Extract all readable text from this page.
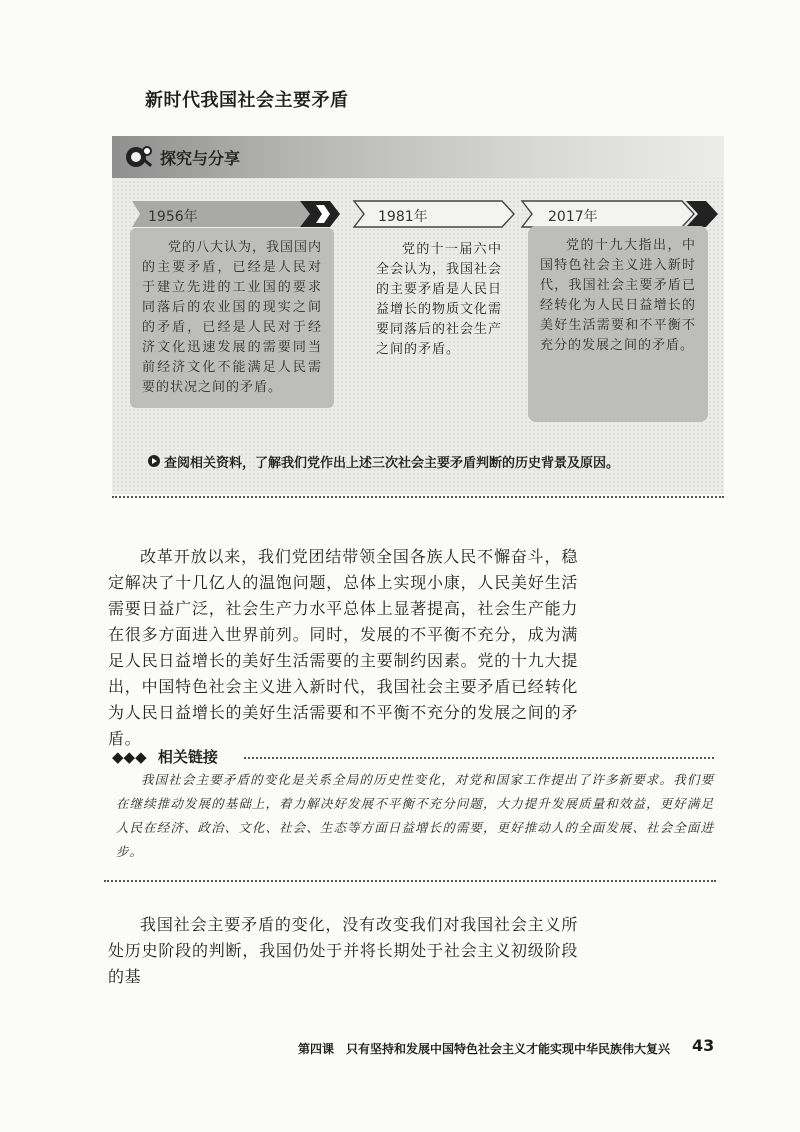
新时代我国社会主要矛盾
探究与分享
1956年	1981年	2017年

党的八大认为，我国国内的主要矛盾，已经是人民对于建立先进的工业国的要求同落后的农业国的现实之间的矛盾，已经是人民对于经济文化迅速发展的需要同当前经济文化不能满足人民需要的状况之间的矛盾。

党的十一届六中全会认为，我国社会的主要矛盾是人民日益增长的物质文化需要同落后的社会生产之间的矛盾。

党的十九大指出，中国特色社会主义进入新时代，我国社会主要矛盾已经转化为人民日益增长的美好生活需要和不平衡不充分的发展之间的矛盾。

查阅相关资料，了解我们党作出上述三次社会主要矛盾判断的历史背景及原因。

改革开放以来，我们党团结带领全国各族人民不懈奋斗，稳定解决了十几亿人的温饱问题，总体上实现小康，人民美好生活需要日益广泛，社会生产力水平总体上显著提高，社会生产能力在很多方面进入世界前列。同时，发展的不平衡不充分，成为满足人民日益增长的美好生活需要的主要制约因素。党的十九大提出，中国特色社会主义进入新时代，我国社会主要矛盾已经转化为人民日益增长的美好生活需要和不平衡不充分的发展之间的矛盾。

◆◆◆ 相关链接

我国社会主要矛盾的变化是关系全局的历史性变化，对党和国家工作提出了许多新要求。我们要在继续推动发展的基础上，着力解决好发展不平衡不充分问题，大力提升发展质量和效益，更好满足人民在经济、政治、文化、社会、生态等方面日益增长的需要，更好推动人的全面发展、社会全面进步。

我国社会主要矛盾的变化，没有改变我们对我国社会主义所处历史阶段的判断，我国仍处于并将长期处于社会主义初级阶段的基

第四课　只有坚持和发展中国特色社会主义才能实现中华民族伟大复兴 43
